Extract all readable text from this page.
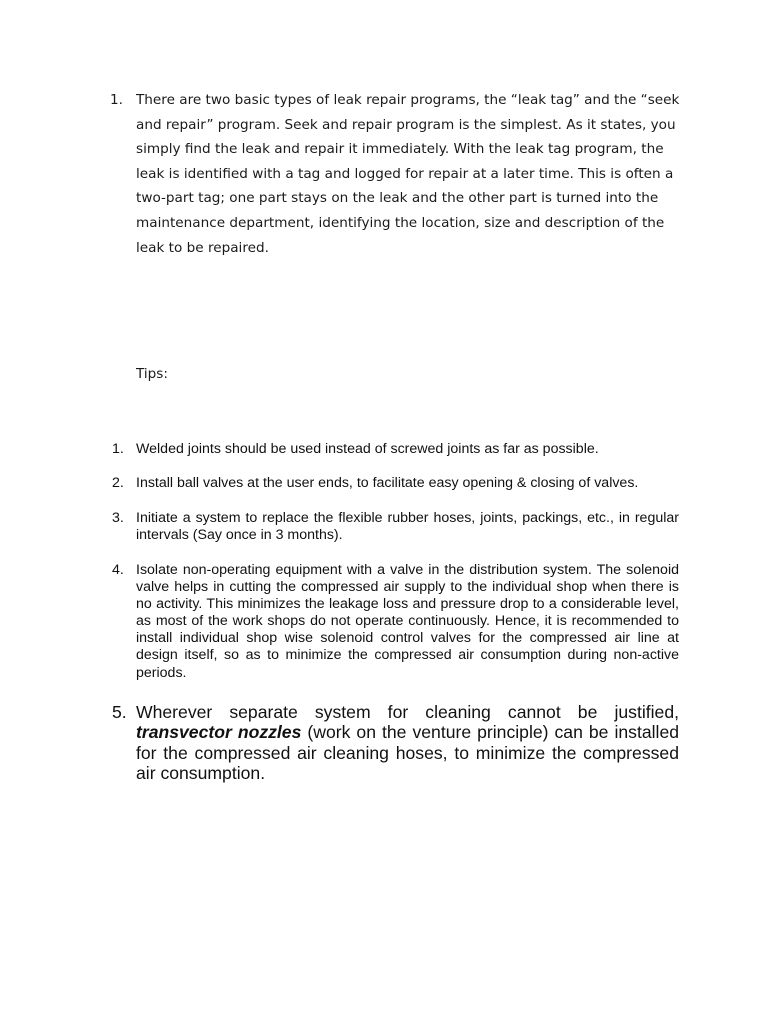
1. There are two basic types of leak repair programs, the “leak tag” and the “seek and repair” program. Seek and repair program is the simplest. As it states, you simply find the leak and repair it immediately. With the leak tag program, the leak is identified with a tag and logged for repair at a later time. This is often a two-part tag; one part stays on the leak and the other part is turned into the maintenance department, identifying the location, size and description of the leak to be repaired.
Tips:
1. Welded joints should be used instead of screwed joints as far as possible.
2. Install ball valves at the user ends, to facilitate easy opening & closing of valves.
3. Initiate a system to replace the flexible rubber hoses, joints, packings, etc., in regular intervals (Say once in 3 months).
4. Isolate non-operating equipment with a valve in the distribution system. The solenoid valve helps in cutting the compressed air supply to the individual shop when there is no activity. This minimizes the leakage loss and pressure drop to a considerable level, as most of the work shops do not operate continuously. Hence, it is recommended to install individual shop wise solenoid control valves for the compressed air line at design itself, so as to minimize the compressed air consumption during non-active periods.
5. Wherever separate system for cleaning cannot be justified, transvector nozzles (work on the venture principle) can be installed for the compressed air cleaning hoses, to minimize the compressed air consumption.
